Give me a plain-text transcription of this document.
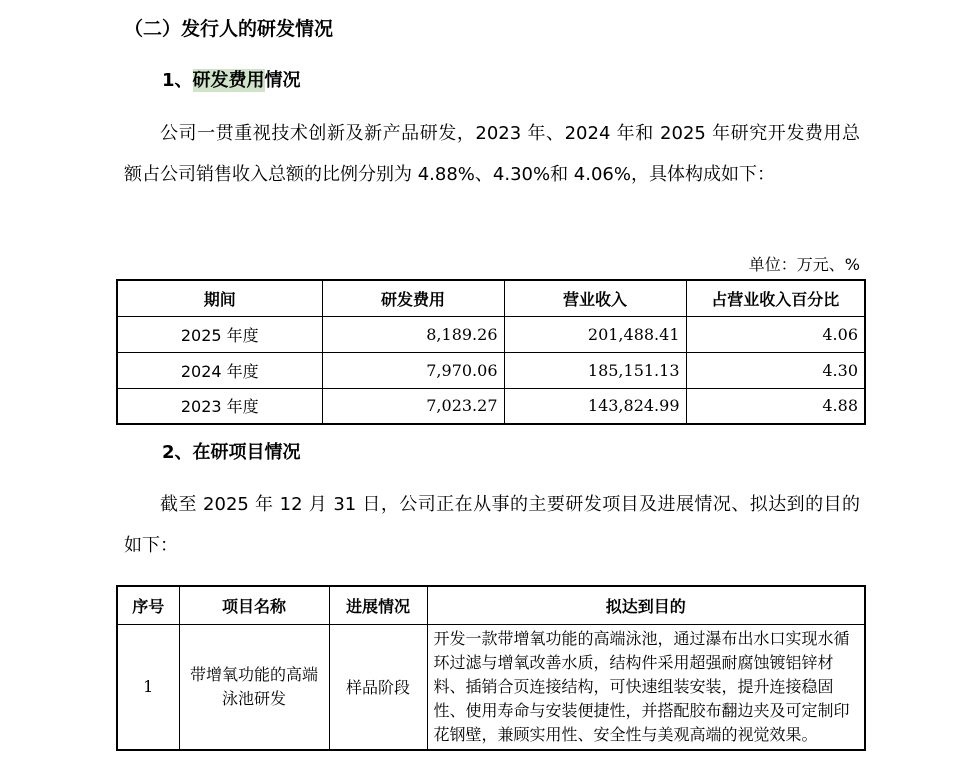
（二）发行人的研发情况
1、研发费用情况

公司一贯重视技术创新及新产品研发，2023 年、2024 年和 2025 年研究开发费用总额占公司销售收入总额的比例分别为 4.88%、4.30%和 4.06%，具体构成如下：

单位：万元、%
期间	研发费用	营业收入	占营业收入百分比
2025 年度	8,189.26	201,488.41	4.06
2024 年度	7,970.06	185,151.13	4.30
2023 年度	7,023.27	143,824.99	4.88
2、在研项目情况

截至 2025 年 12 月 31 日，公司正在从事的主要研发项目及进展情况、拟达到的目的如下：

序号	项目名称	进展情况	拟达到目的
1	带增氧功能的高端泳池研发	样品阶段	开发一款带增氧功能的高端泳池，通过瀑布出水口实现水循环过滤与增氧改善水质，结构件采用超强耐腐蚀镀铝锌材料、插销合页连接结构，可快速组装安装，提升连接稳固性、使用寿命与安装便捷性，并搭配胶布翻边夹及可定制印花钢壁，兼顾实用性、安全性与美观高端的视觉效果。
